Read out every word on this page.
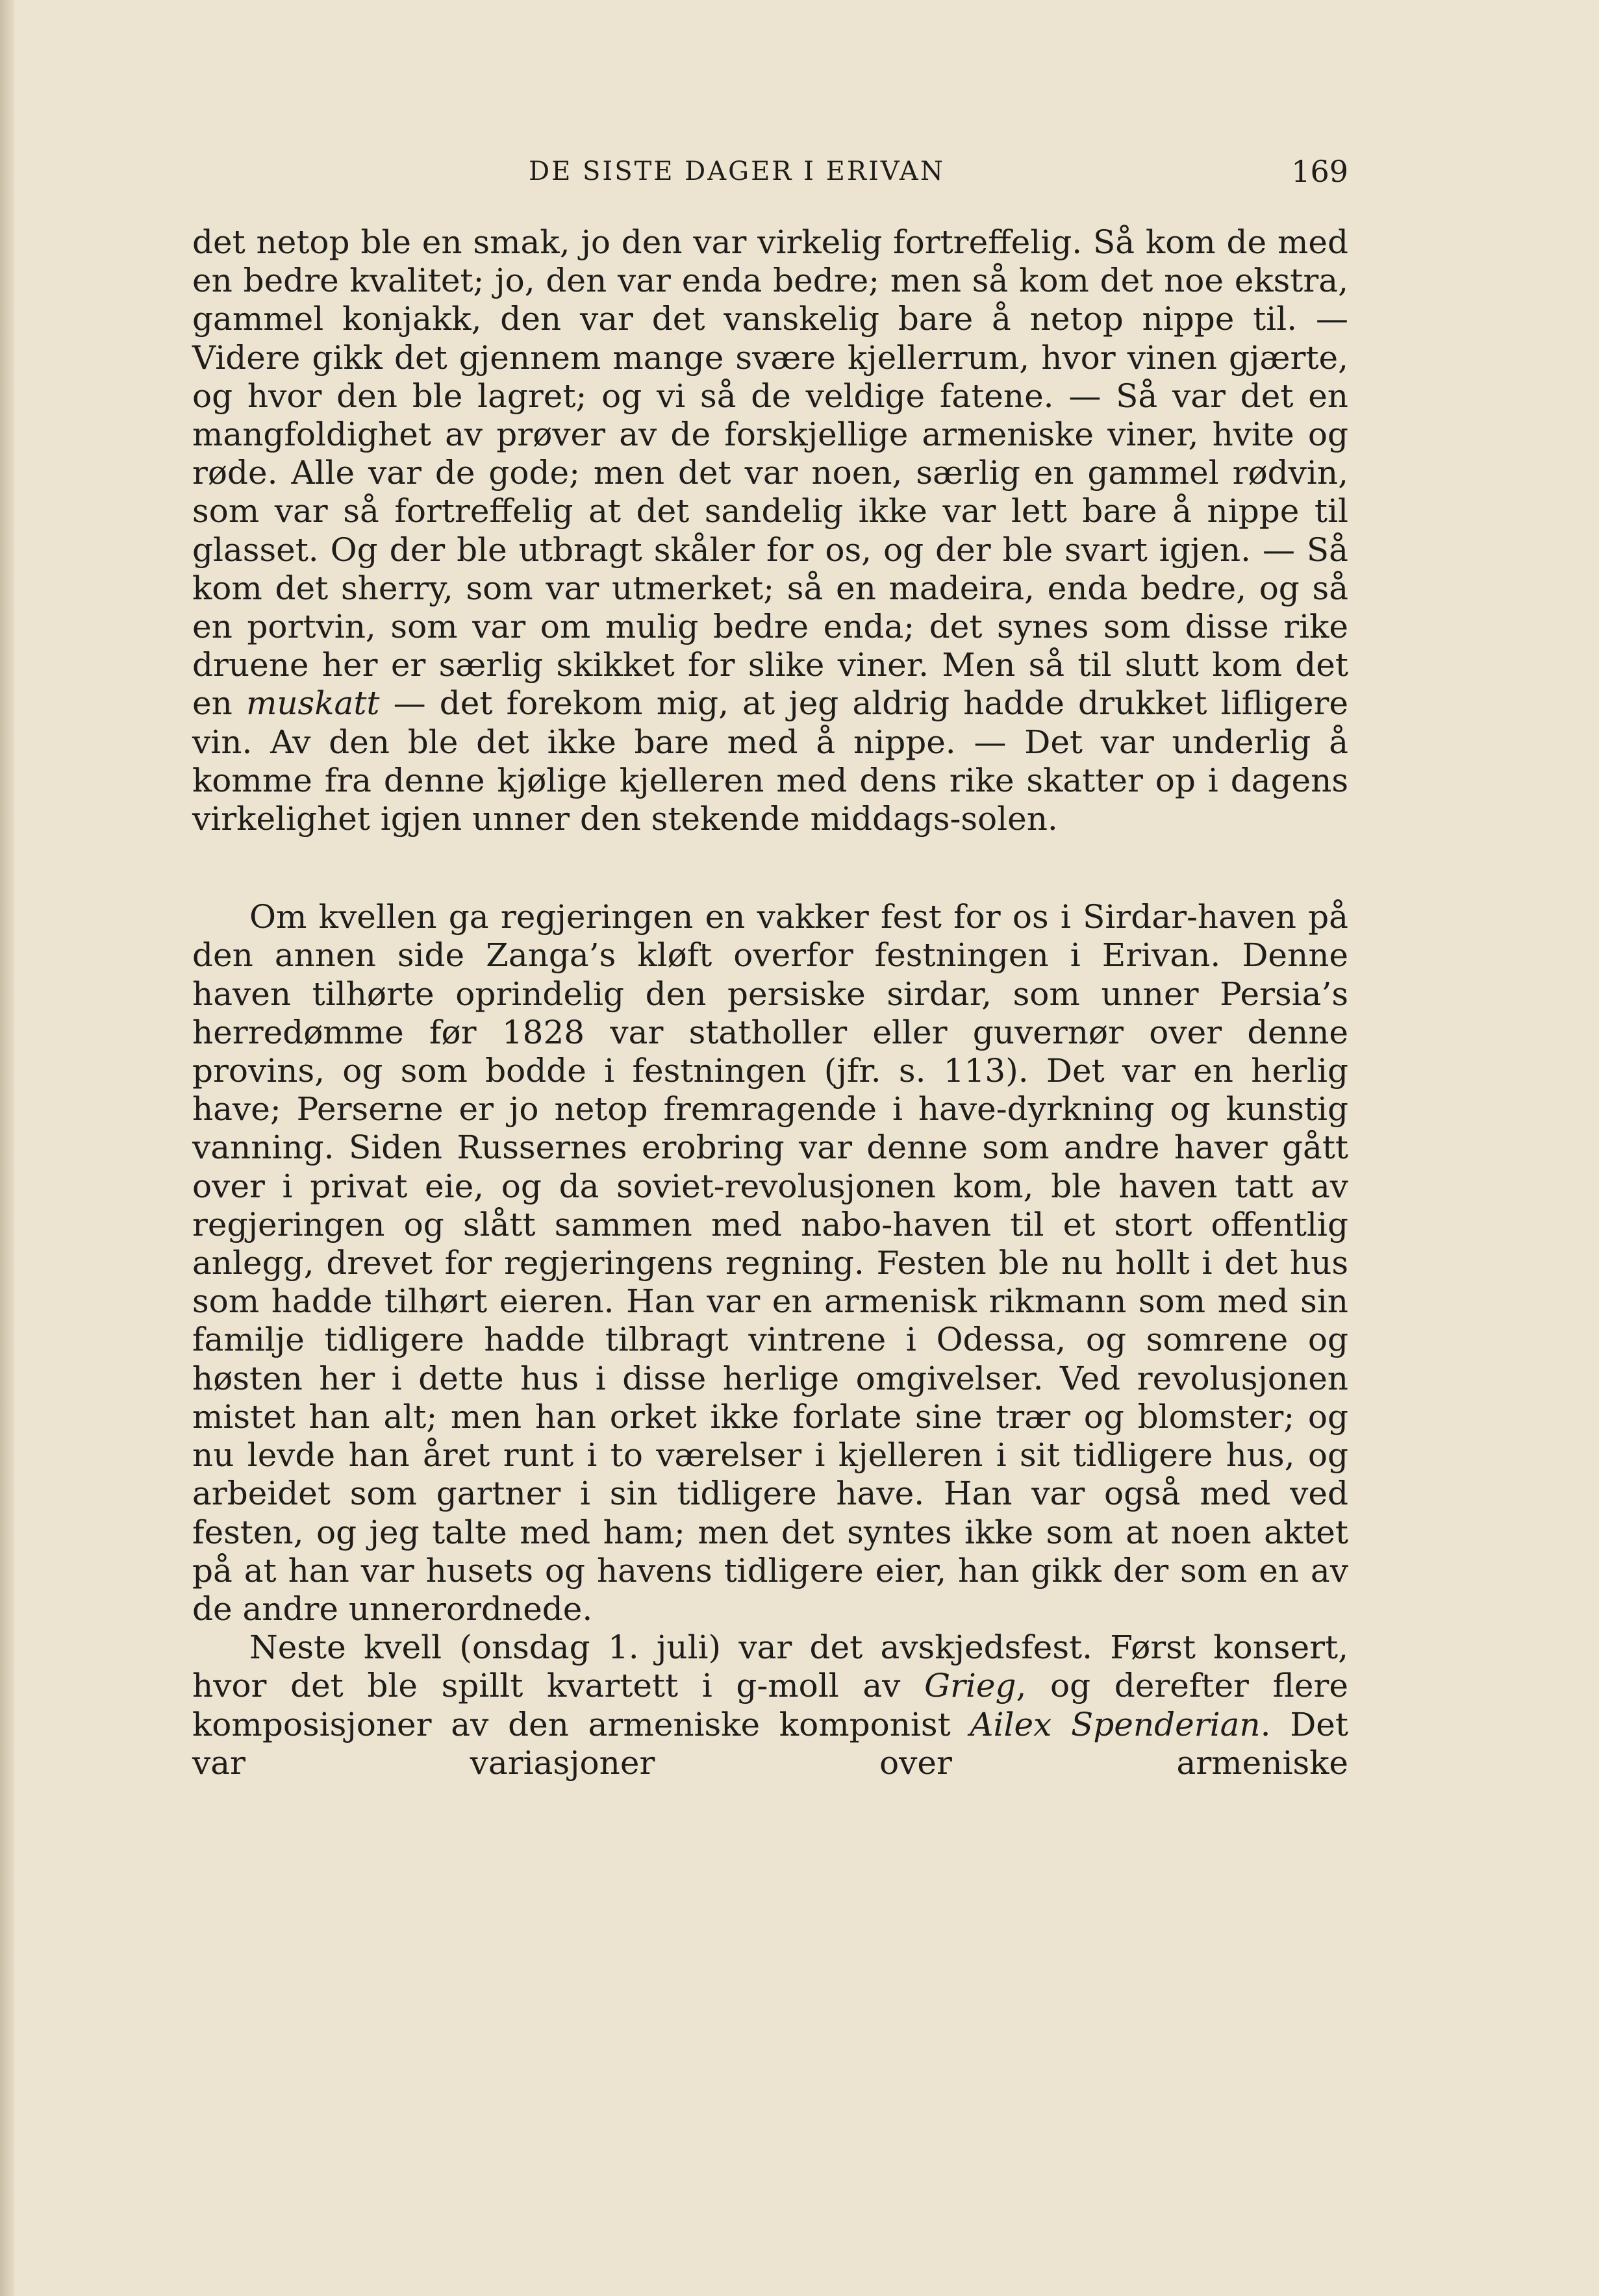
DE SISTE DAGER I ERIVAN	169

det netop ble en smak, jo den var virkelig fortreffelig. Så kom de med en bedre kvalitet; jo, den var enda bedre; men så kom det noe ekstra, gammel konjakk, den var det vanskelig bare å netop nippe til. — Videre gikk det gjennem mange svære kjellerrum, hvor vinen gjærte, og hvor den ble lagret; og vi så de veldige fatene. — Så var det en mangfoldighet av prøver av de forskjellige armeniske viner, hvite og røde. Alle var de gode; men det var noen, særlig en gammel rødvin, som var så fortreffelig at det sandelig ikke var lett bare å nippe til glasset. Og der ble utbragt skåler for os, og der ble svart igjen. — Så kom det sherry, som var utmerket; så en madeira, enda bedre, og så en portvin, som var om mulig bedre enda; det synes som disse rike druene her er særlig skikket for slike viner. Men så til slutt kom det en muskatt — det forekom mig, at jeg aldrig hadde drukket lifligere vin. Av den ble det ikke bare med å nippe. — Det var underlig å komme fra denne kjølige kjelleren med dens rike skatter op i dagens virkelighet igjen unner den stekende middags-solen.

Om kvellen ga regjeringen en vakker fest for os i Sirdar-haven på den annen side Zanga’s kløft overfor festningen i Erivan. Denne haven tilhørte oprindelig den persiske sirdar, som unner Persia’s herredømme før 1828 var statholler eller guvernør over denne provins, og som bodde i festningen (jfr. s. 113). Det var en herlig have; Perserne er jo netop fremragende i have-dyrkning og kunstig vanning. Siden Russernes erobring var denne som andre haver gått over i privat eie, og da soviet-revolusjonen kom, ble haven tatt av regjeringen og slått sammen med nabo-haven til et stort offentlig anlegg, drevet for regjeringens regning. Festen ble nu hollt i det hus som hadde tilhørt eieren. Han var en armenisk rikmann som med sin familje tidligere hadde tilbragt vintrene i Odessa, og somrene og høsten her i dette hus i disse herlige omgivelser. Ved revolusjonen mistet han alt; men han orket ikke forlate sine trær og blomster; og nu levde han året runt i to værelser i kjelleren i sit tidligere hus, og arbeidet som gartner i sin tidligere have. Han var også med ved festen, og jeg talte med ham; men det syntes ikke som at noen aktet på at han var husets og havens tidligere eier, han gikk der som en av de andre unnerordnede.

Neste kvell (onsdag 1. juli) var det avskjedsfest. Først konsert, hvor det ble spillt kvartett i g-moll av Grieg, og derefter flere komposisjoner av den armeniske komponist Ailex Spenderian. Det var variasjoner over armeniske
